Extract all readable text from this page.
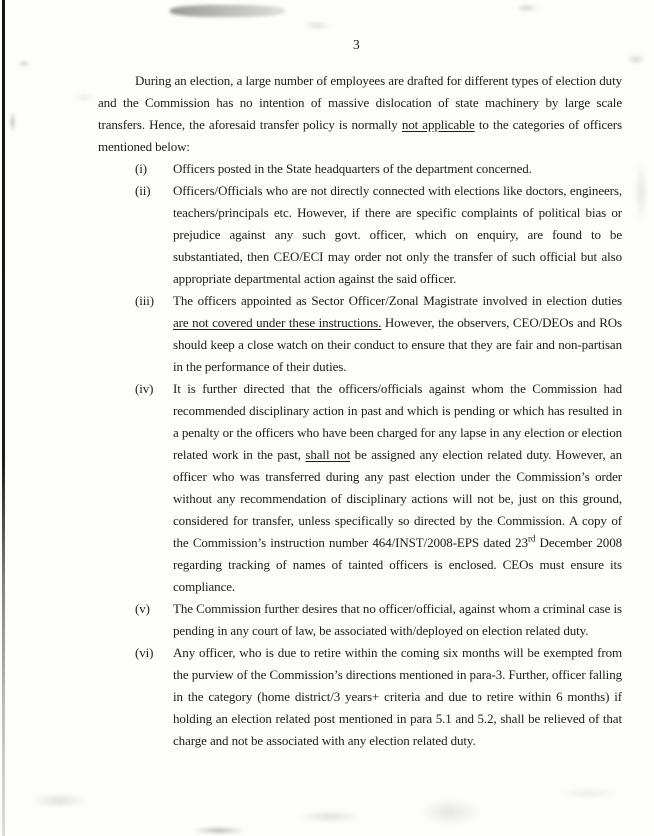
3

During an election, a large number of employees are drafted for different types of election duty and the Commission has no intention of massive dislocation of state machinery by large scale transfers. Hence, the aforesaid transfer policy is normally not applicable to the categories of officers mentioned below:

(i) Officers posted in the State headquarters of the department concerned.
(ii) Officers/Officials who are not directly connected with elections like doctors, engineers, teachers/principals etc. However, if there are specific complaints of political bias or prejudice against any such govt. officer, which on enquiry, are found to be substantiated, then CEO/ECI may order not only the transfer of such official but also appropriate departmental action against the said officer.
(iii) The officers appointed as Sector Officer/Zonal Magistrate involved in election duties are not covered under these instructions. However, the observers, CEO/DEOs and ROs should keep a close watch on their conduct to ensure that they are fair and non-partisan in the performance of their duties.
(iv) It is further directed that the officers/officials against whom the Commission had recommended disciplinary action in past and which is pending or which has resulted in a penalty or the officers who have been charged for any lapse in any election or election related work in the past, shall not be assigned any election related duty. However, an officer who was transferred during any past election under the Commission’s order without any recommendation of disciplinary actions will not be, just on this ground, considered for transfer, unless specifically so directed by the Commission. A copy of the Commission’s instruction number 464/INST/2008-EPS dated 23rd December 2008 regarding tracking of names of tainted officers is enclosed. CEOs must ensure its compliance.
(v) The Commission further desires that no officer/official, against whom a criminal case is pending in any court of law, be associated with/deployed on election related duty.
(vi) Any officer, who is due to retire within the coming six months will be exempted from the purview of the Commission’s directions mentioned in para-3. Further, officer falling in the category (home district/3 years+ criteria and due to retire within 6 months) if holding an election related post mentioned in para 5.1 and 5.2, shall be relieved of that charge and not be associated with any election related duty.
